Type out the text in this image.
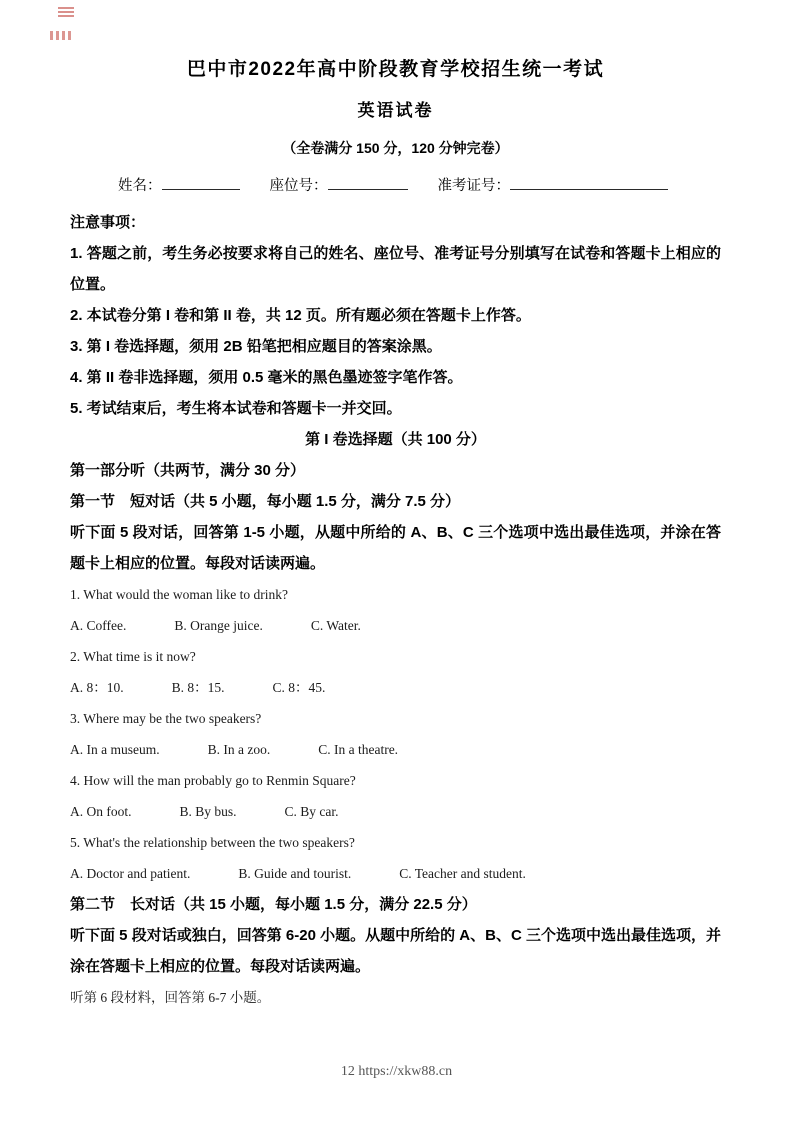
巴中市2022年高中阶段教育学校招生统一考试
英语试卷
（全卷满分 150 分，120 分钟完卷）
姓名：	座位号：	准考证号：
注意事项：

1. 答题之前，考生务必按要求将自己的姓名、座位号、准考证号分别填写在试卷和答题卡上相应的位置。

2. 本试卷分第 I 卷和第 II 卷，共 12 页。所有题必须在答题卡上作答。

3. 第 I 卷选择题，须用 2B 铅笔把相应题目的答案涂黑。

4. 第 II 卷非选择题，须用 0.5 毫米的黑色墨迹签字笔作答。

5. 考试结束后，考生将本试卷和答题卡一并交回。

第 I 卷选择题（共 100 分）
第一部分听（共两节，满分 30 分）
第一节　短对话（共 5 小题，每小题 1.5 分，满分 7.5 分）

听下面 5 段对话，回答第 1-5 小题，从题中所给的 A、B、C 三个选项中选出最佳选项，并涂在答题卡上相应的位置。每段对话读两遍。

1. What would the woman like to drink?

A. Coffee.	B. Orange juice.	C. Water.

2. What time is it now?

A. 8：10.	B. 8：15.	C. 8：45.

3. Where may be the two speakers?

A. In a museum.	B. In a zoo.	C. In a theatre.

4. How will the man probably go to Renmin Square?

A. On foot.	B. By bus.	C. By car.

5. What's the relationship between the two speakers?

A. Doctor and patient.	B. Guide and tourist.	C. Teacher and student.

第二节　长对话（共 15 小题，每小题 1.5 分，满分 22.5 分）

听下面 5 段对话或独白，回答第 6-20 小题。从题中所给的 A、B、C 三个选项中选出最佳选项，并涂在答题卡上相应的位置。每段对话读两遍。

听第 6 段材料，回答第 6-7 小题。

12 https://xkw88.cn
